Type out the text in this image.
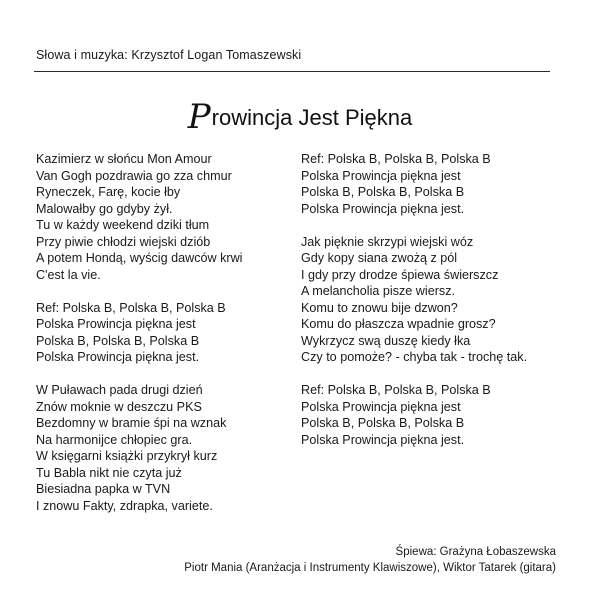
Słowa i muzyka: Krzysztof Logan Tomaszewski
Prowincja Jest Piękna
Kazimierz w słońcu Mon Amour
Van Gogh pozdrawia go zza chmur
Ryneczek, Farę, kocie łby
Malowałby go gdyby żył.
Tu w każdy weekend dziki tłum
Przy piwie chłodzi wiejski dziób
A potem Hondą, wyścig dawców krwi
C'est la vie.
Ref: Polska B, Polska B, Polska B
Polska Prowincja piękna jest
Polska B, Polska B, Polska B
Polska Prowincja piękna jest.
W Puławach pada drugi dzień
Znów moknie w deszczu PKS
Bezdomny w bramie śpi na wznak
Na harmonijce chłopiec gra.
W księgarni książki przykrył kurz
Tu Babla nikt nie czyta już
Biesiadna papka w TVN
I znowu Fakty, zdrapka, variete.
Ref: Polska B, Polska B, Polska B
Polska Prowincja piękna jest
Polska B, Polska B, Polska B
Polska Prowincja piękna jest.
Jak pięknie skrzypi wiejski wóz
Gdy kopy siana zwożą z pól
I gdy przy drodze śpiewa świerszcz
A melancholia pisze wiersz.
Komu to znowu bije dzwon?
Komu do płaszcza wpadnie grosz?
Wykrzycz swą duszę kiedy łka
Czy to pomoże? - chyba tak - trochę tak.
Ref: Polska B, Polska B, Polska B
Polska Prowincja piękna jest
Polska B, Polska B, Polska B
Polska Prowincja piękna jest.
Śpiewa: Grażyna Łobaszewska
Piotr Mania (Aranżacja i Instrumenty Klawiszowe), Wiktor Tatarek (gitara)
